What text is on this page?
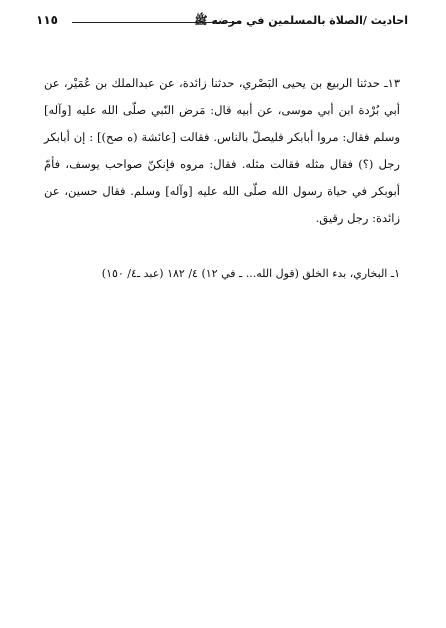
احاديث /الصلاة بالمسلمين في مرضه ﷺ
١١٥

١٣ـ حدثنا الربيع بن يحيى البَصْري، حدثنا زائدة، عن عبدالملك بن عُمَيْر، عن أبي بُرْدة ابن أبي موسى، عن أبيه قال: مَرض النّبي صلّى الله عليه [وآله] وسلم فقال: مروا أبابكر فليصلّ بالناس. فقالت [عائشة (ه صح)] : إن أبابكر رجل (؟) فقال مثله فقالت مثله. فقال: مروه فإنكنّ صواحب يوسف، فأمّ أبوبكر في حياة رسول الله صلّى الله عليه [وآله] وسلم. فقال حسين، عن زائدة: رجل رقيق.

١ـ البخاري، بدء الخلق (قول الله... ـ في ١٢) ٤/ ١٨٢ (عبد ـ٤/ ١٥٠)
